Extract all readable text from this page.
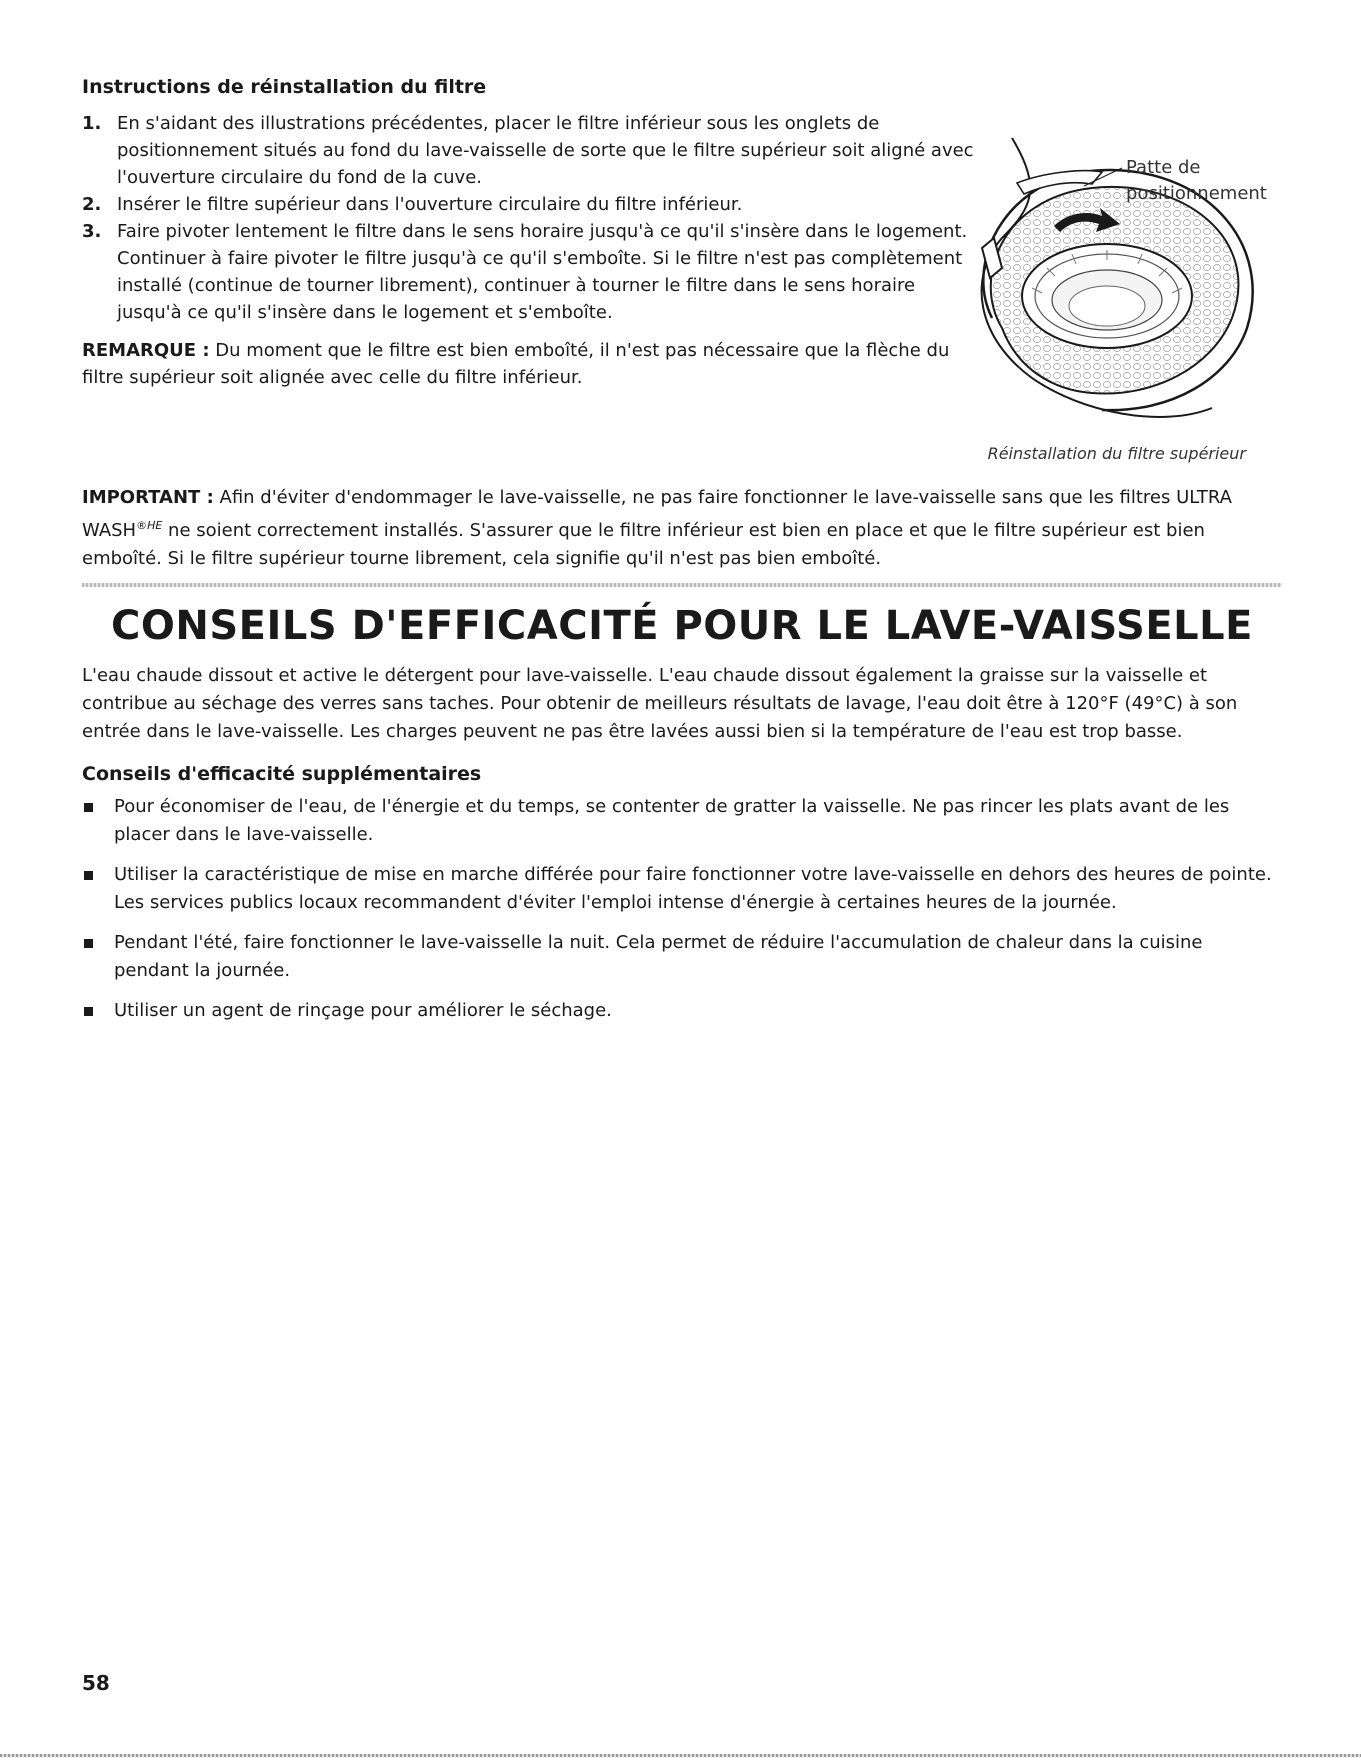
Instructions de réinstallation du filtre
1. En s'aidant des illustrations précédentes, placer le filtre inférieur sous les onglets de positionnement situés au fond du lave-vaisselle de sorte que le filtre supérieur soit aligné avec l'ouverture circulaire du fond de la cuve.
2. Insérer le filtre supérieur dans l'ouverture circulaire du filtre inférieur.
3. Faire pivoter lentement le filtre dans le sens horaire jusqu'à ce qu'il s'insère dans le logement. Continuer à faire pivoter le filtre jusqu'à ce qu'il s'emboîte. Si le filtre n'est pas complètement installé (continue de tourner librement), continuer à tourner le filtre dans le sens horaire jusqu'à ce qu'il s'insère dans le logement et s'emboîte.

REMARQUE : Du moment que le filtre est bien emboîté, il n'est pas nécessaire que la flèche du filtre supérieur soit alignée avec celle du filtre inférieur.

Patte de
positionnement
Réinstallation du filtre supérieur

IMPORTANT : Afin d'éviter d'endommager le lave-vaisselle, ne pas faire fonctionner le lave-vaisselle sans que les filtres ULTRA $WASH^{®HE}$ ne soient correctement installés. S'assurer que le filtre inférieur est bien en place et que le filtre supérieur est bien emboîté. Si le filtre supérieur tourne librement, cela signifie qu'il n'est pas bien emboîté.

CONSEILS D'EFFICACITÉ POUR LE LAVE-VAISSELLE

L'eau chaude dissout et active le détergent pour lave-vaisselle. L'eau chaude dissout également la graisse sur la vaisselle et contribue au séchage des verres sans taches. Pour obtenir de meilleurs résultats de lavage, l'eau doit être à 120°F (49°C) à son entrée dans le lave-vaisselle. Les charges peuvent ne pas être lavées aussi bien si la température de l'eau est trop basse.

Conseils d'efficacité supplémentaires
Pour économiser de l'eau, de l'énergie et du temps, se contenter de gratter la vaisselle. Ne pas rincer les plats avant de les placer dans le lave-vaisselle.
Utiliser la caractéristique de mise en marche différée pour faire fonctionner votre lave-vaisselle en dehors des heures de pointe. Les services publics locaux recommandent d'éviter l'emploi intense d'énergie à certaines heures de la journée.
Pendant l'été, faire fonctionner le lave-vaisselle la nuit. Cela permet de réduire l'accumulation de chaleur dans la cuisine pendant la journée.
Utiliser un agent de rinçage pour améliorer le séchage.
58
